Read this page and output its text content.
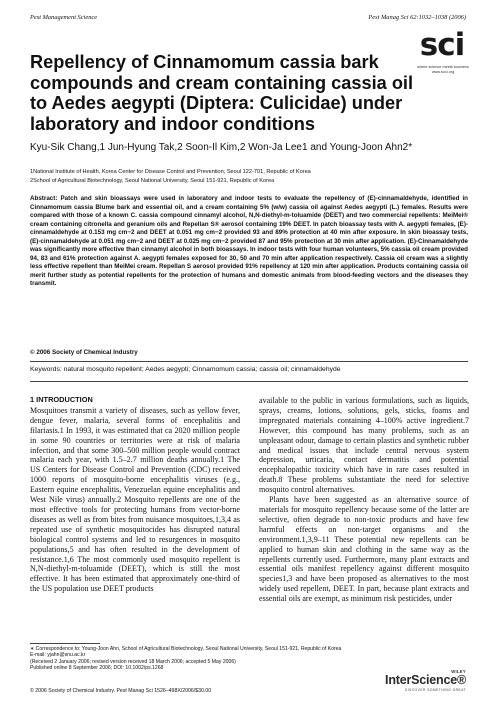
Pest Management Science	Pest Manag Sci 62:1032–1038 (2006)
sci
where science meets business www.soci.org
Repellency of Cinnamomum cassia bark compounds and cream containing cassia oil to Aedes aegypti (Diptera: Culicidae) under laboratory and indoor conditions
Kyu-Sik Chang,1 Jun-Hyung Tak,2 Soon-Il Kim,2 Won-Ja Lee1 and Young-Joon Ahn2*
1National Institute of Health, Korea Center for Disease Control and Prevention, Seoul 122-701, Republic of Korea
2School of Agricultural Biotechnology, Seoul National University, Seoul 151-921, Republic of Korea

Abstract: Patch and skin bioassays were used in laboratory and indoor tests to evaluate the repellency of (E)-cinnamaldehyde, identified in Cinnamomum cassia Blume bark and essential oil, and a cream containing 5% (w/w) cassia oil against Aedes aegypti (L.) females. Results were compared with those of a known C. cassia compound cinnamyl alcohol, N,N-diethyl-m-toluamide (DEET) and two commercial repellents: MeiMei® cream containing citronella and geranium oils and Repellan S® aerosol containing 19% DEET. In patch bioassay tests with A. aegypti females, (E)-cinnamaldehyde at 0.153 mg cm−2 and DEET at 0.051 mg cm−2 provided 93 and 89% protection at 40 min after exposure. In skin bioassay tests, (E)-cinnamaldehyde at 0.051 mg cm−2 and DEET at 0.025 mg cm−2 provided 87 and 95% protection at 30 min after application. (E)-Cinnamaldehyde was significantly more effective than cinnamyl alcohol in both bioassays. In indoor tests with four human volunteers, 5% cassia oil cream provided 94, 83 and 61% protection against A. aegypti females exposed for 30, 50 and 70 min after application respectively. Cassia oil cream was a slightly less effective repellent than MeiMei cream. Repellan S aerosol provided 91% repellency at 120 min after application. Products containing cassia oil merit further study as potential repellents for the protection of humans and domestic animals from blood-feeding vectors and the diseases they transmit.

© 2006 Society of Chemical Industry
Keywords: natural mosquito repellent; Aedes aegypti; Cinnamomum cassia; cassia oil; cinnamaldehyde
1 INTRODUCTION

Mosquitoes transmit a variety of diseases, such as yellow fever, dengue fever, malaria, several forms of encephalitis and filariasis.1 In 1993, it was estimated that ca 2020 million people in some 90 countries or territories were at risk of malaria infection, and that some 300–500 million people would contract malaria each year, with 1.5–2.7 million deaths annually.1 The US Centers for Disease Control and Prevention (CDC) received 1000 reports of mosquito-borne encephalitis viruses (e.g., Eastern equine encephalitis, Venezuelan equine encephalitis and West Nile virus) annually.2 Mosquito repellents are one of the most effective tools for protecting humans from vector-borne diseases as well as from bites from nuisance mosquitoes,1,3,4 as repeated use of synthetic mosquitocides has disrupted natural biological control systems and led to resurgences in mosquito populations,5 and has often resulted in the development of resistance.1,6 The most commonly used mosquito repellent is N,N-diethyl-m-toluamide (DEET), which is still the most effective. It has been estimated that approximately one-third of the US population use DEET products

available to the public in various formulations, such as liquids, sprays, creams, lotions, solutions, gels, sticks, foams and impregnated materials containing 4–100% active ingredient.7 However, this compound has many problems, such as an unpleasant odour, damage to certain plastics and synthetic rubber and medical issues that include central nervous system depression, urticaria, contact dermatitis and potential encephalopathic toxicity which have in rare cases resulted in death.8 These problems substantiate the need for selective mosquito control alternatives.

Plants have been suggested as an alternative source of materials for mosquito repellency because some of the latter are selective, often degrade to non-toxic products and have few harmful effects on non-target organisms and the environment.1,3,9–11 These potential new repellents can be applied to human skin and clothing in the same way as the repellents currently used. Furthermore, many plant extracts and essential oils manifest repellency against different mosquito species1,3 and have been proposed as alternatives to the most widely used repellent, DEET. In part, because plant extracts and essential oils are exempt, as minimum risk pesticides, under

∗ Correspondence to: Young-Joon Ahn, School of Agricultural Biotechnology, Seoul National University, Seoul 151-921, Republic of Korea
E-mail: yjahn@snu.ac.kr
(Received 2 January 2006; revised version received 18 March 2006; accepted 5 May 2006)
Published online 8 September 2006; DOI: 10.1002/ps.1268
© 2006 Society of Chemical Industry. Pest Manag Sci 1526–498X/2006/$30.00
WILEY
InterScience®
DISCOVER SOMETHING GREAT
